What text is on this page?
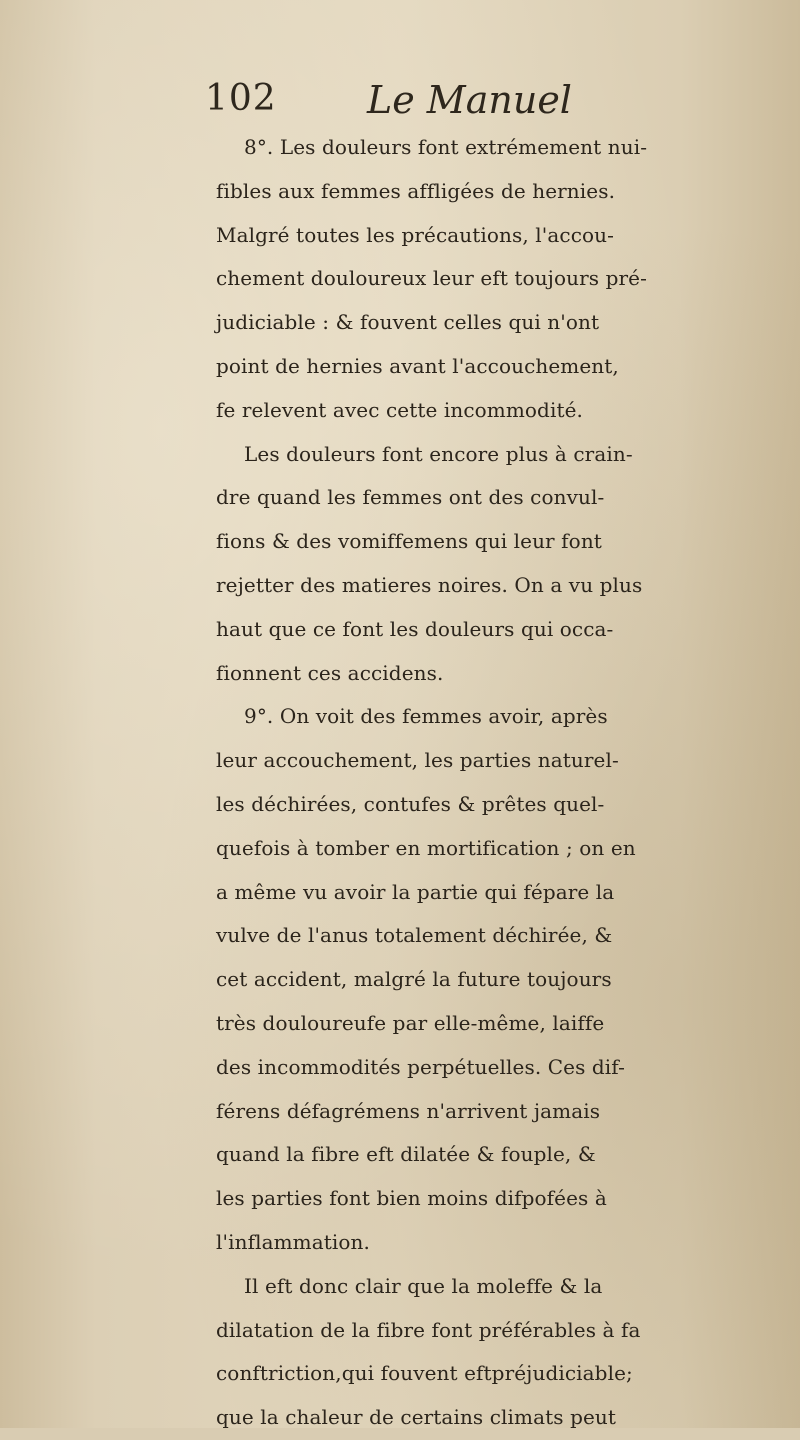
102 Le Manuel
8°. Les douleurs font extrémement nui-
fibles aux femmes affligées de hernies.
Malgré toutes les précautions, l'accou-
chement douloureux leur eft toujours pré-
judiciable : & fouvent celles qui n'ont
point de hernies avant l'accouchement,
fe relevent avec cette incommodité.
Les douleurs font encore plus à crain-
dre quand les femmes ont des convul-
fions & des vomiffemens qui leur font
rejetter des matieres noires. On a vu plus
haut que ce font les douleurs qui occa-
fionnent ces accidens.
9°. On voit des femmes avoir, après
leur accouchement, les parties naturel-
les déchirées, contufes & prêtes quel-
quefois à tomber en mortification ; on en
a même vu avoir la partie qui fépare la
vulve de l'anus totalement déchirée, &
cet accident, malgré la future toujours
très douloureufe par elle-même, laiffe
des incommodités perpétuelles. Ces dif-
férens défagrémens n'arrivent jamais
quand la fibre eft dilatée & fouple, &
les parties font bien moins difpofées à
l'inflammation.
Il eft donc clair que la moleffe & la
dilatation de la fibre font préférables à fa
conftriction,qui fouvent eftpréjudiciable;
que la chaleur de certains climats peut
